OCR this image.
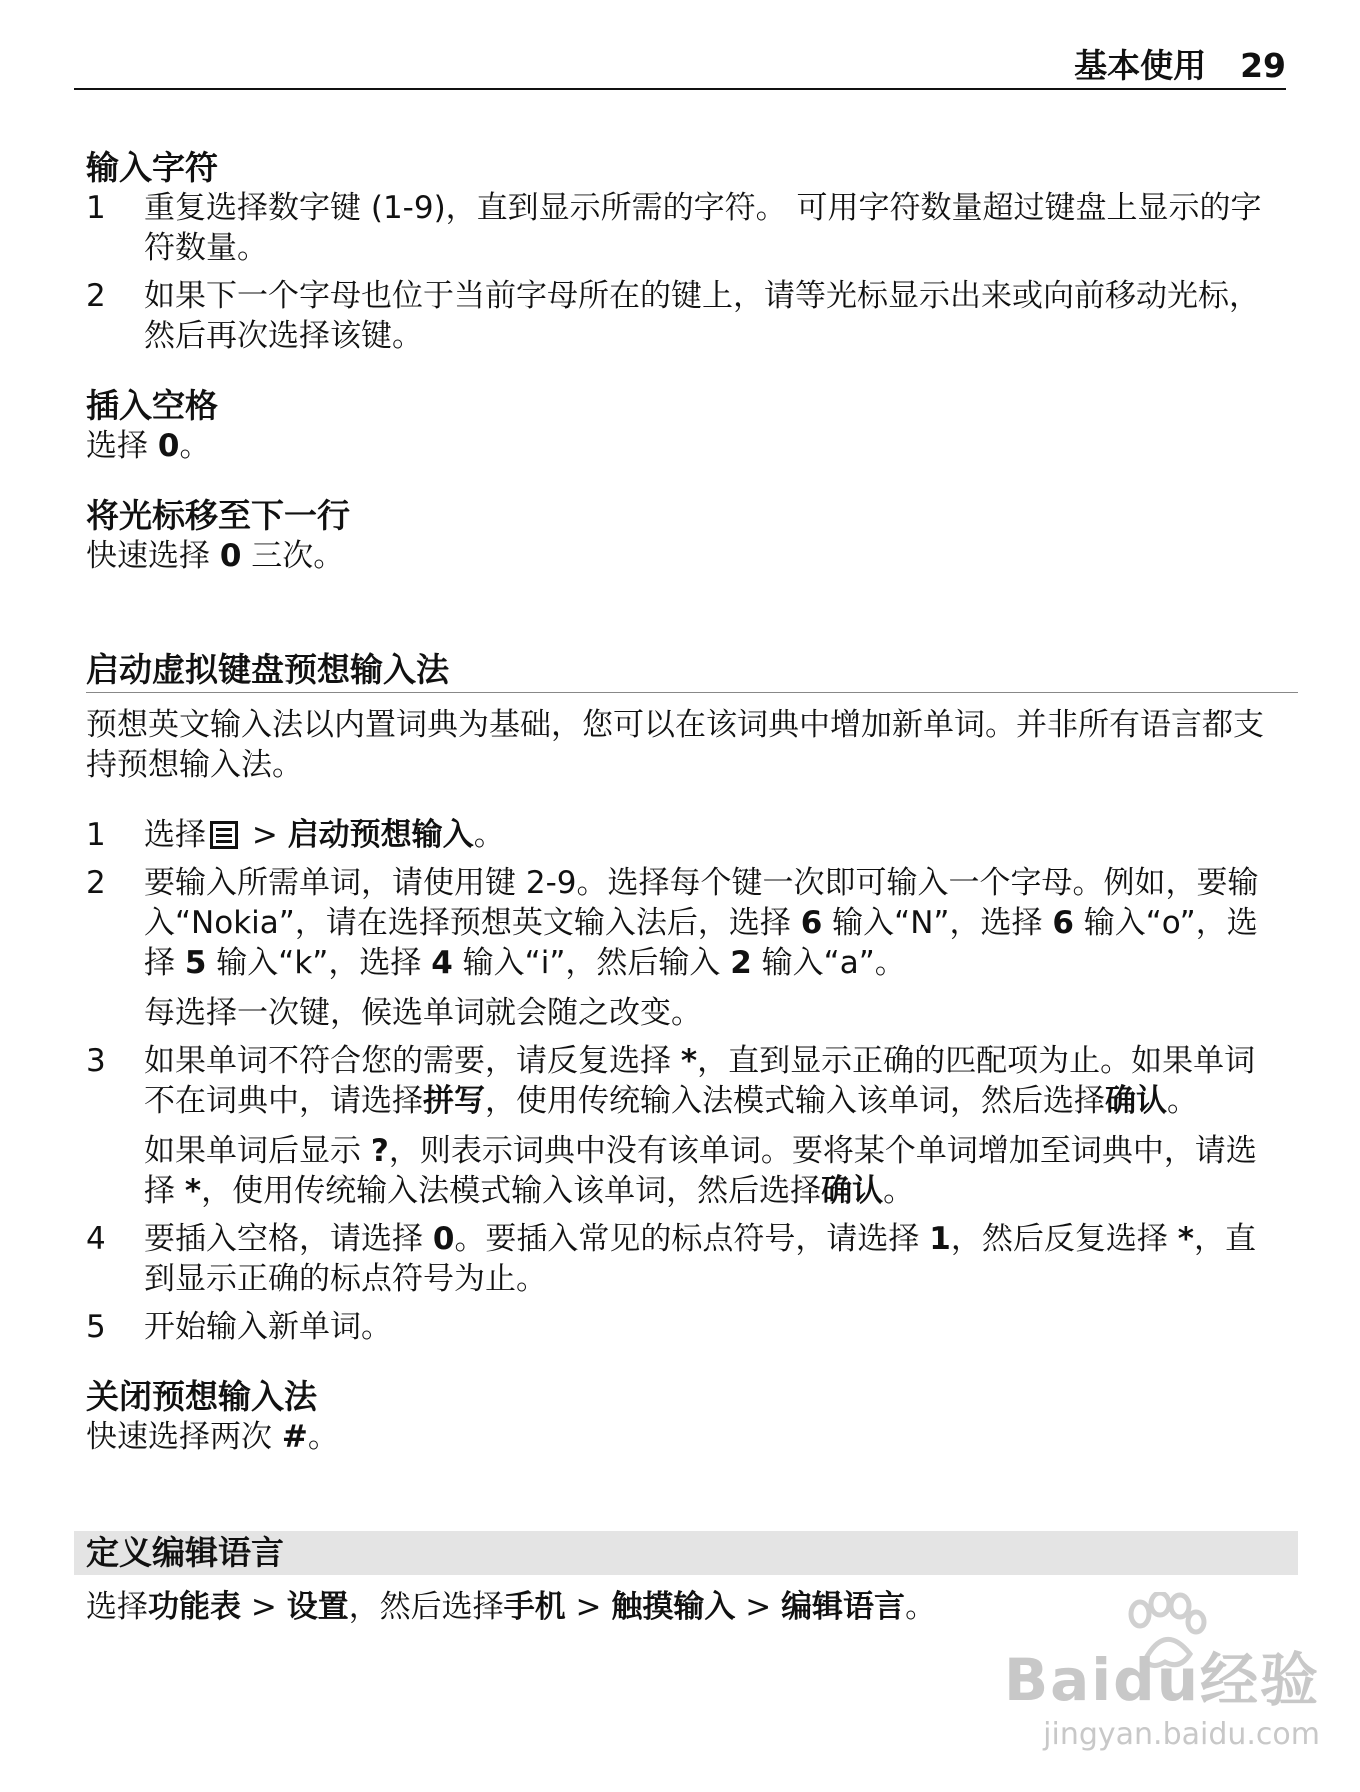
基本使用 29

输入字符

1	重复选择数字键 (1-9)，直到显示所需的字符。 可用字符数量超过键盘上显示的字符数量。
2	如果下一个字母也位于当前字母所在的键上，请等光标显示出来或向前移动光标，然后再次选择该键。

插入空格

选择 0。

将光标移至下一行

快速选择 0 三次。

启动虚拟键盘预想输入法

预想英文输入法以内置词典为基础，您可以在该词典中增加新单词。并非所有语言都支持预想输入法。

1	选择
> 启动预想输入。
2	要输入所需单词，请使用键 2-9。选择每个键一次即可输入一个字母。例如，要输入“Nokia”，请在选择预想英文输入法后，选择 6 输入“N”，选择 6 输入“o”，选择 5 输入“k”，选择 4 输入“i”，然后输入 2 输入“a”。

每选择一次键，候选单词就会随之改变。
3	如果单词不符合您的需要，请反复选择 *，直到显示正确的匹配项为止。如果单词不在词典中，请选择拼写，使用传统输入法模式输入该单词，然后选择确认。
如果单词后显示 ?，则表示词典中没有该单词。要将某个单词增加至词典中，请选择 *，使用传统输入法模式输入该单词，然后选择确认。
4	要插入空格，请选择 0。要插入常见的标点符号，请选择 1，然后反复选择 *，直到显示正确的标点符号为止。
5	开始输入新单词。

关闭预想输入法

快速选择两次 #。

定义编辑语言

选择功能表 > 设置，然后选择手机 > 触摸输入 > 编辑语言。

Baidu经验
jingyan.baidu.com
